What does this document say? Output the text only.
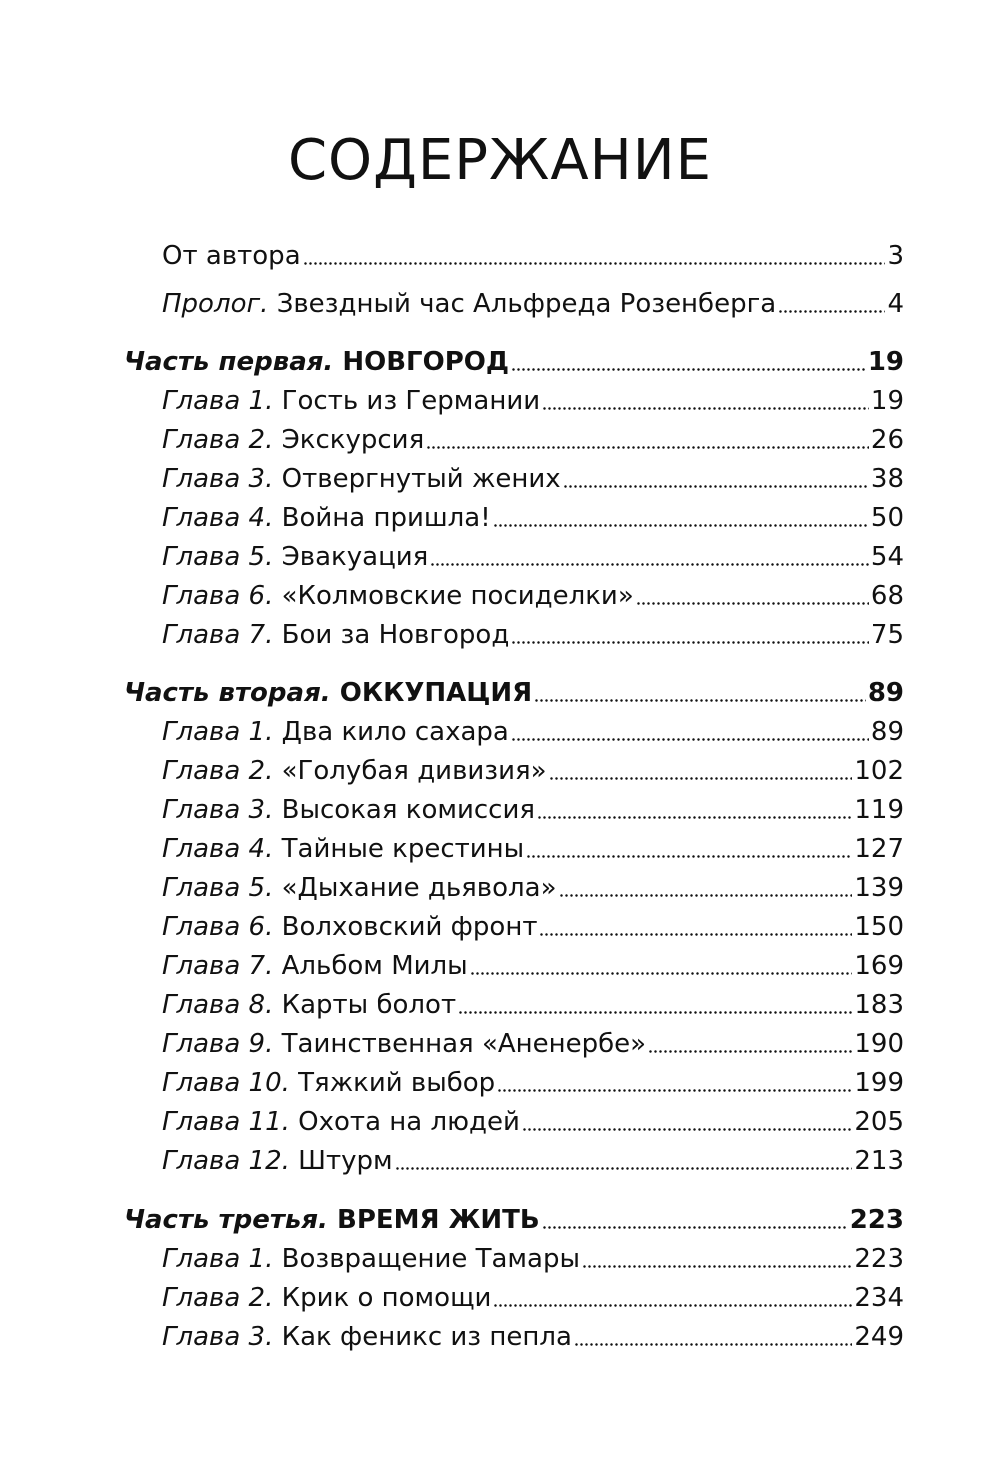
СОДЕРЖАНИЕ
От автора	3
Пролог. Звездный час Альфреда Розенберга	4
Часть первая. НОВГОРОД	19
Глава 1. Гость из Германии	19
Глава 2. Экскурсия	26
Глава 3. Отвергнутый жених	38
Глава 4. Война пришла!	50
Глава 5. Эвакуация	54
Глава 6. «Колмовские посиделки»	68
Глава 7. Бои за Новгород	75
Часть вторая. ОККУПАЦИЯ	89
Глава 1. Два кило сахара	89
Глава 2. «Голубая дивизия»	102
Глава 3. Высокая комиссия	119
Глава 4. Тайные крестины	127
Глава 5. «Дыхание дьявола»	139
Глава 6. Волховский фронт	150
Глава 7. Альбом Милы	169
Глава 8. Карты болот	183
Глава 9. Таинственная «Аненербе»	190
Глава 10. Тяжкий выбор	199
Глава 11. Охота на людей	205
Глава 12. Штурм	213
Часть третья. ВРЕМЯ ЖИТЬ	223
Глава 1. Возвращение Тамары	223
Глава 2. Крик о помощи	234
Глава 3. Как феникс из пепла	249
